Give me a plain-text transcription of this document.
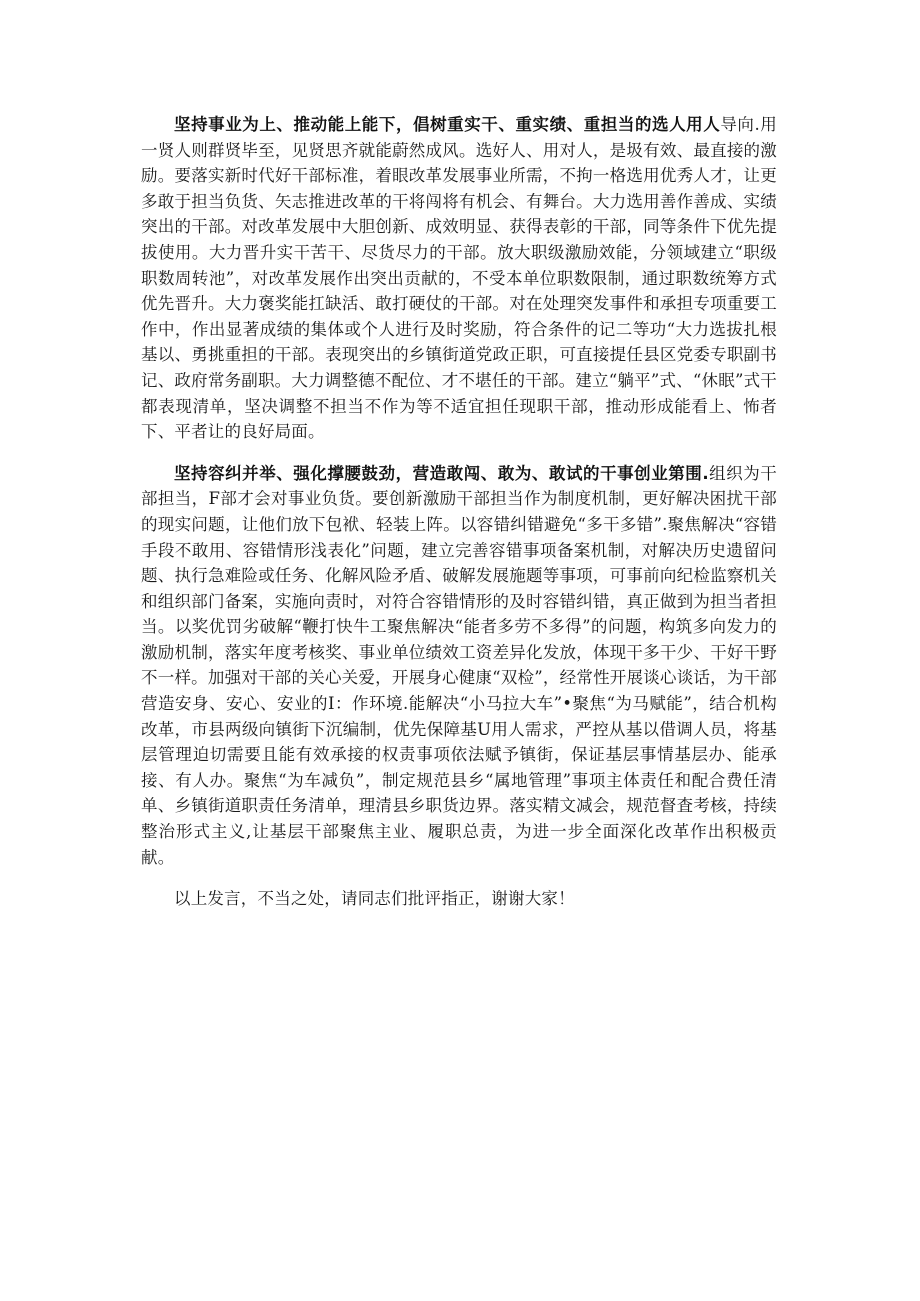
坚持事业为上、推动能上能下，倡树重实干、重实绩、重担当的选人用人导向.用一贤人则群贤毕至，见贤思齐就能蔚然成风。选好人、用对人，是圾有效、最直接的激励。要落实新时代好干部标准，着眼改革发展事业所需，不拘一格选用优秀人才，让更多敢于担当负货、矢志推进改革的干将闯将有机会、有舞台。大力选用善作善成、实绩突出的干部。对改革发展中大胆创新、成效明显、获得表彰的干部，同等条件下优先提拔使用。大力晋升实干苦干、尽货尽力的干部。放大职级激励效能，分领域建立“职级职数周转池”，对改革发展作出突出贡献的，不受本单位职数限制，通过职数统筹方式优先晋升。大力褒奖能扛缺活、敢打硬仗的干部。对在处理突发事件和承担专项重要工作中，作出显著成绩的集体或个人进行及时奖励，符合条件的记二等功“大力选拔扎根基以、勇挑重担的干部。表现突出的乡镇街道党政正职，可直接提任县区党委专职副书记、政府常务副职。大力调整德不配位、才不堪任的干部。建立“躺平”式、“休眠”式干都表现清单，坚决调整不担当不作为等不适宜担任现职干部，推动形成能看上、怖者下、平者让的良好局面。

坚持容纠并举、强化撑腰鼓劲，营造敢闯、敢为、敢试的干事创业第围.组织为干部担当，F部才会对事业负货。要创新激励干部担当作为制度机制，更好解决困扰干部的现实问题，让他们放下包袱、轻装上阵。以容错纠错避免“多干多错”.聚焦解决“容错手段不敢用、容错情形浅表化”问题，建立完善容错事项备案机制，对解决历史遗留问题、执行急难险或任务、化解风险矛盾、破解发展施题等事项，可事前向纪检监察机关和组织部门备案，实施向责时，对符合容错情形的及时容错纠错，真正做到为担当者担当。以奖优罚劣破解“鞭打快牛工聚焦解决“能者多劳不多得”的问题，构筑多向发力的激励机制，落实年度考核奖、事业单位绩效工资差异化发放，体现干多干少、干好干野不一样。加强对干部的关心关爱，开展身心健康“双检”，经常性开展谈心谈话，为干部营造安身、安心、安业的I：作环境.能解决“小马拉大车”•聚焦“为马赋能”，结合机构改革，市县两级向镇街下沉编制，优先保障基U用人需求，严控从基以借调人员，将基层管理迫切需要且能有效承接的权责事项依法赋予镇街，保证基层事情基层办、能承接、有人办。聚焦“为车减负”，制定规范县乡“属地管理”事项主体责任和配合费任清单、乡镇街道职责任务清单，理清县乡职货边界。落实精文减会，规范督査考核，持续整治形式主义,让基层干部聚焦主业、履职总责，为进一步全面深化改革作出积极贡献。

以上发言，不当之处，请同志们批评指正，谢谢大家！
